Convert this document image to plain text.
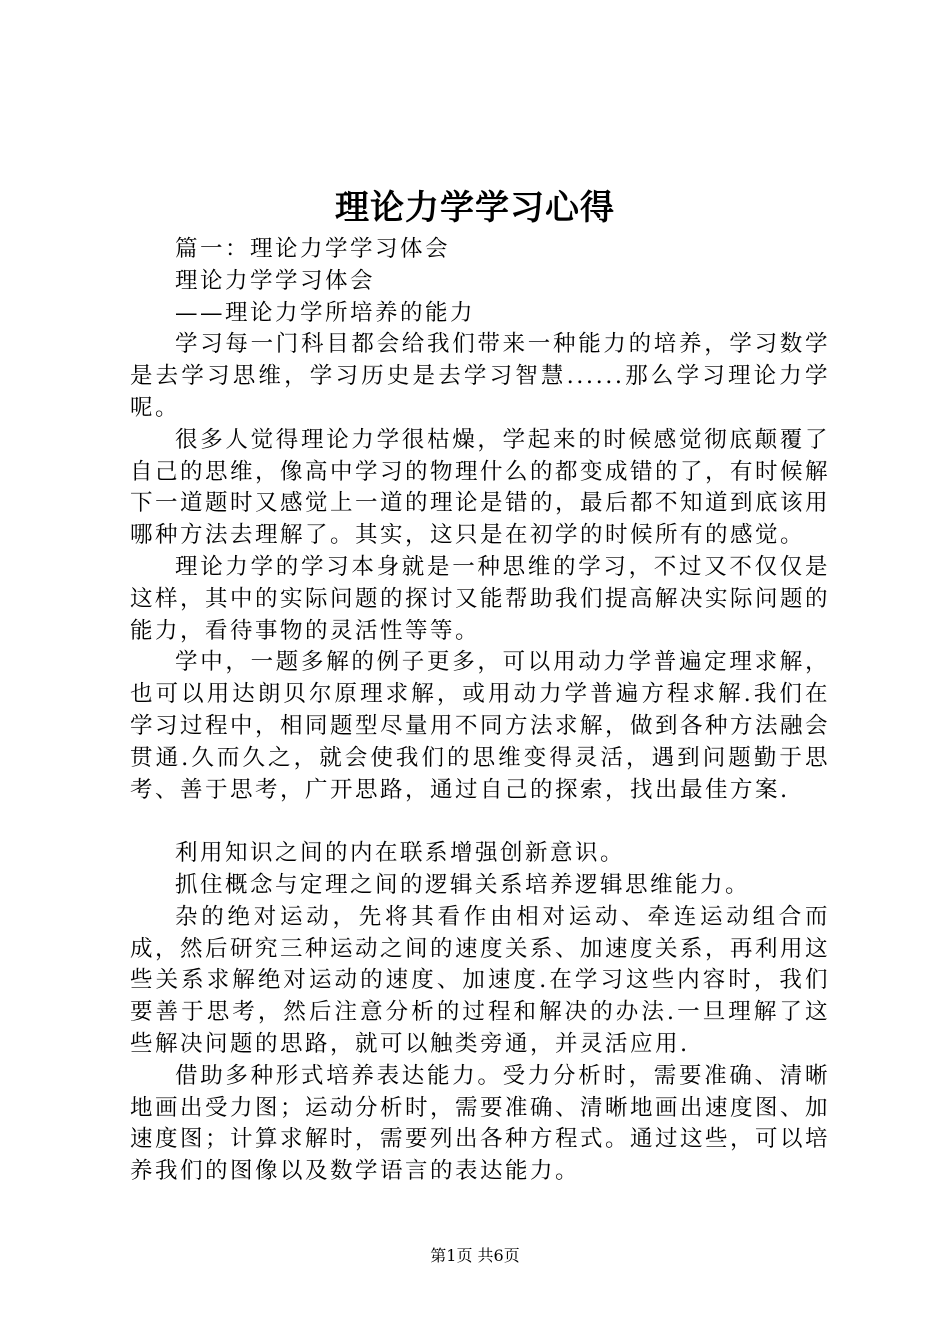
理论力学学习心得

篇一：理论力学学习体会

理论力学学习体会

——理论力学所培养的能力

学习每一门科目都会给我们带来一种能力的培养，学习数学是去学习思维，学习历史是去学习智慧......那么学习理论力学呢。

很多人觉得理论力学很枯燥，学起来的时候感觉彻底颠覆了自己的思维，像高中学习的物理什么的都变成错的了，有时候解下一道题时又感觉上一道的理论是错的，最后都不知道到底该用哪种方法去理解了。其实，这只是在初学的时候所有的感觉。

理论力学的学习本身就是一种思维的学习，不过又不仅仅是这样，其中的实际问题的探讨又能帮助我们提高解决实际问题的能力，看待事物的灵活性等等。

学中，一题多解的例子更多，可以用动力学普遍定理求解，也可以用达朗贝尔原理求解，或用动力学普遍方程求解.我们在学习过程中，相同题型尽量用不同方法求解，做到各种方法融会贯通.久而久之，就会使我们的思维变得灵活，遇到问题勤于思考、善于思考，广开思路，通过自己的探索，找出最佳方案.

利用知识之间的内在联系增强创新意识。

抓住概念与定理之间的逻辑关系培养逻辑思维能力。

杂的绝对运动，先将其看作由相对运动、牵连运动组合而成，然后研究三种运动之间的速度关系、加速度关系，再利用这些关系求解绝对运动的速度、加速度.在学习这些内容时，我们要善于思考，然后注意分析的过程和解决的办法.一旦理解了这些解决问题的思路，就可以触类旁通，并灵活应用.

借助多种形式培养表达能力。受力分析时，需要准确、清晰地画出受力图；运动分析时，需要准确、清晰地画出速度图、加速度图；计算求解时，需要列出各种方程式。通过这些，可以培养我们的图像以及数学语言的表达能力。

第1页 共6页
